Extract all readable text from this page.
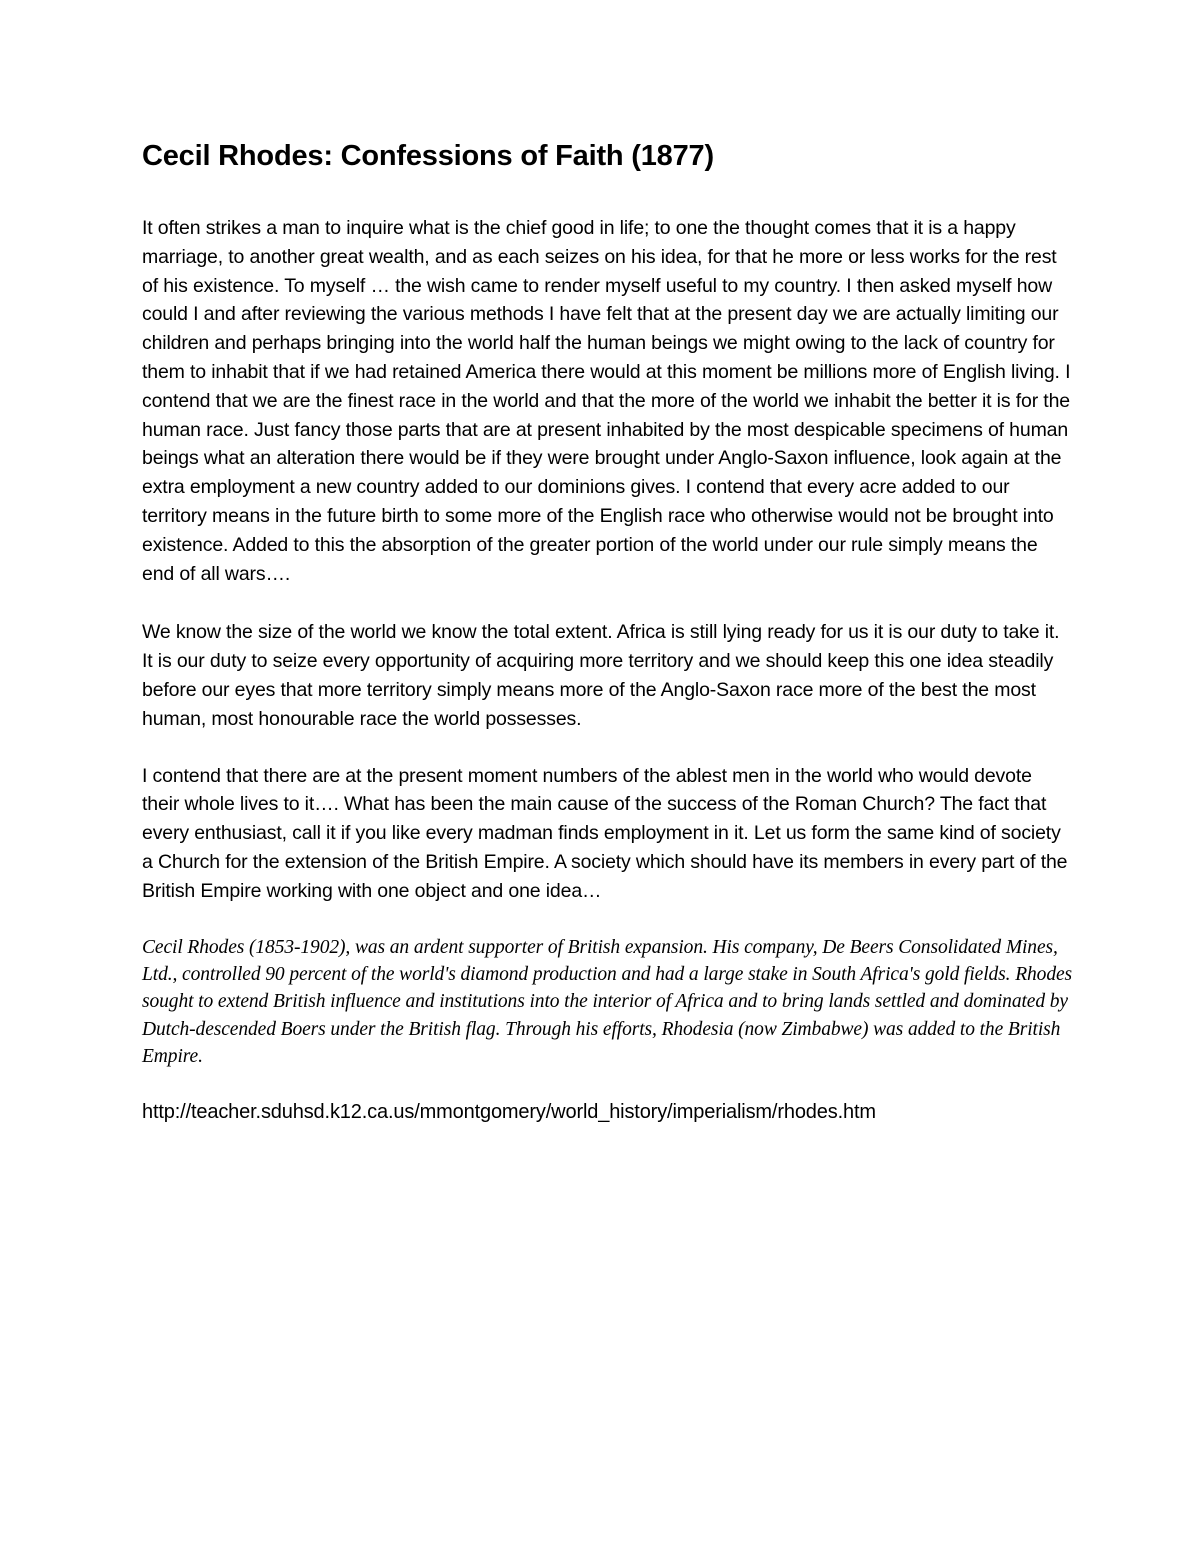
Cecil Rhodes: Confessions of Faith (1877)

It often strikes a man to inquire what is the chief good in life; to one the thought comes that it is a happy marriage, to another great wealth, and as each seizes on his idea, for that he more or less works for the rest of his existence. To myself … the wish came to render myself useful to my country. I then asked myself how could I and after reviewing the various methods I have felt that at the present day we are actually limiting our children and perhaps bringing into the world half the human beings we might owing to the lack of country for them to inhabit that if we had retained America there would at this moment be millions more of English living. I contend that we are the finest race in the world and that the more of the world we inhabit the better it is for the human race. Just fancy those parts that are at present inhabited by the most despicable specimens of human beings what an alteration there would be if they were brought under Anglo-Saxon influence, look again at the extra employment a new country added to our dominions gives. I contend that every acre added to our territory means in the future birth to some more of the English race who otherwise would not be brought into existence. Added to this the absorption of the greater portion of the world under our rule simply means the end of all wars….

We know the size of the world we know the total extent. Africa is still lying ready for us it is our duty to take it. It is our duty to seize every opportunity of acquiring more territory and we should keep this one idea steadily before our eyes that more territory simply means more of the Anglo-Saxon race more of the best the most human, most honourable race the world possesses.

I contend that there are at the present moment numbers of the ablest men in the world who would devote their whole lives to it…. What has been the main cause of the success of the Roman Church? The fact that every enthusiast, call it if you like every madman finds employment in it. Let us form the same kind of society a Church for the extension of the British Empire. A society which should have its members in every part of the British Empire working with one object and one idea…

Cecil Rhodes (1853-1902), was an ardent supporter of British expansion. His company, De Beers Consolidated Mines, Ltd., controlled 90 percent of the world's diamond production and had a large stake in South Africa's gold fields. Rhodes sought to extend British influence and institutions into the interior of Africa and to bring lands settled and dominated by Dutch-descended Boers under the British flag. Through his efforts, Rhodesia (now Zimbabwe) was added to the British Empire.

http://teacher.sduhsd.k12.ca.us/mmontgomery/world_history/imperialism/rhodes.htm
